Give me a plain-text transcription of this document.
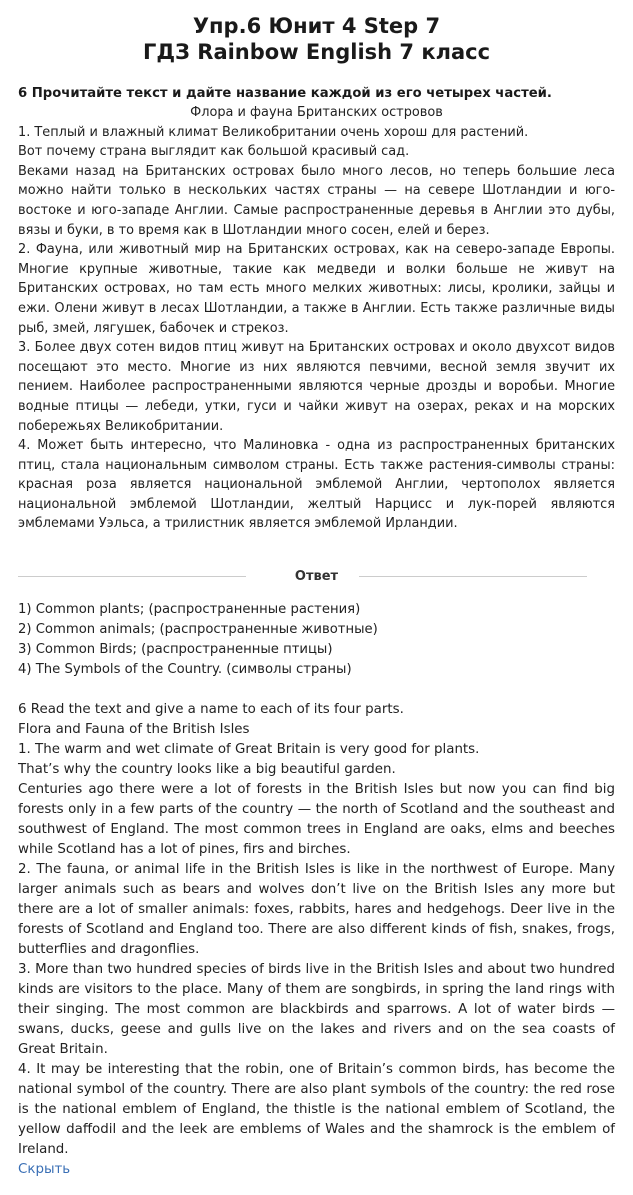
Упр.6 Юнит 4 Step 7
ГДЗ Rainbow English 7 класс
6 Прочитайте текст и дайте название каждой из его четырех частей.

Флора и фауна Британских островов

1. Теплый и влажный климат Великобритании очень хорош для растений.

Вот почему страна выглядит как большой красивый сад.

Веками назад на Британских островах было много лесов, но теперь большие леса можно найти только в нескольких частях страны — на севере Шотландии и юго-востоке и юго-западе Англии. Самые распространенные деревья в Англии это дубы, вязы и буки, в то время как в Шотландии много сосен, елей и берез.

2. Фауна, или животный мир на Британских островах, как на северо-западе Европы. Многие крупные животные, такие как медведи и волки больше не живут на Британских островах, но там есть много мелких животных: лисы, кролики, зайцы и ежи. Олени живут в лесах Шотландии, а также в Англии. Есть также различные виды рыб, змей, лягушек, бабочек и стрекоз.

3. Более двух сотен видов птиц живут на Британских островах и около двухсот видов посещают это место. Многие из них являются певчими, весной земля звучит их пением. Наиболее распространенными являются черные дрозды и воробьи. Многие водные птицы — лебеди, утки, гуси и чайки живут на озерах, реках и на морских побережьях Великобритании.

4. Может быть интересно, что Малиновка - одна из распространенных британских птиц, стала национальным символом страны. Есть также растения-символы страны: красная роза является национальной эмблемой Англии, чертополох является национальной эмблемой Шотландии, желтый Нарцисс и лук-порей являются эмблемами Уэльса, а трилистник является эмблемой Ирландии.

Ответ
1) Common plants; (распространенные растения)
2) Common animals; (распространенные животные)
3) Common Birds; (распространенные птицы)
4) The Symbols of the Country. (символы страны)

6 Read the text and give a name to each of its four parts.

Flora and Fauna of the British Isles

1. The warm and wet climate of Great Britain is very good for plants.

That’s why the country looks like a big beautiful garden.

Centuries ago there were a lot of forests in the British Isles but now you can find big forests only in a few parts of the country — the north of Scotland and the southeast and southwest of England. The most common trees in England are oaks, elms and beeches while Scotland has a lot of pines, firs and birches.

2. The fauna, or animal life in the British Isles is like in the northwest of Europe. Many larger animals such as bears and wolves don’t live on the British Isles any more but there are a lot of smaller animals: foxes, rabbits, hares and hedgehogs. Deer live in the forests of Scotland and England too. There are also different kinds of fish, snakes, frogs, butterflies and dragonflies.

3. More than two hundred species of birds live in the British Isles and about two hundred kinds are visitors to the place. Many of them are songbirds, in spring the land rings with their singing. The most common are blackbirds and sparrows. A lot of water birds — swans, ducks, geese and gulls live on the lakes and rivers and on the sea coasts of Great Britain.

4. It may be interesting that the robin, one of Britain’s common birds, has become the national symbol of the country. There are also plant symbols of the country: the red rose is the national emblem of England, the thistle is the national emblem of Scotland, the yellow daffodil and the leek are emblems of Wales and the shamrock is the emblem of Ireland.

Скрыть
